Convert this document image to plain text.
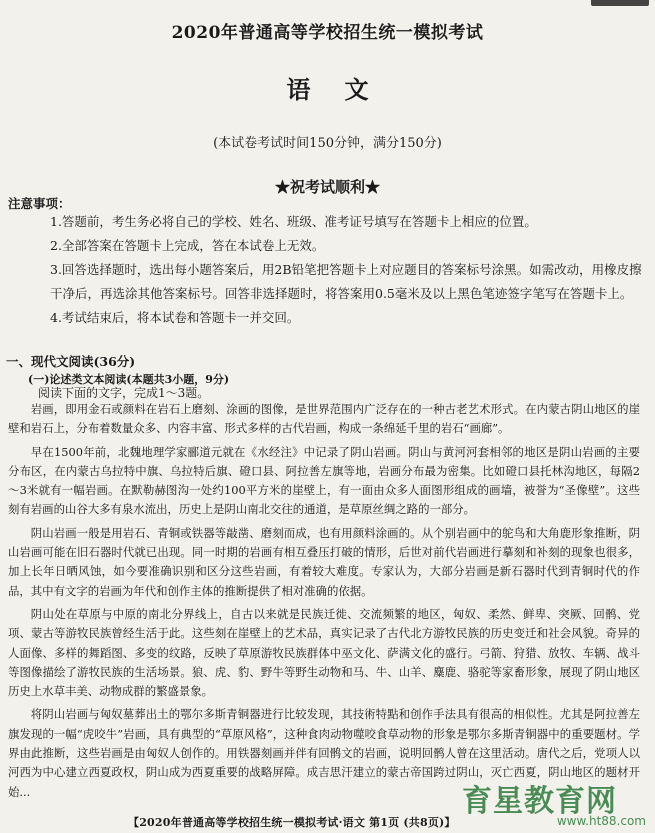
2020年普通高等学校招生统一模拟考试
语文
(本试卷考试时间150分钟，满分150分)
★祝考试顺利★
注意事项：
1.答题前，考生务必将自己的学校、姓名、班级、准考证号填写在答题卡上相应的位置。
2.全部答案在答题卡上完成，答在本试卷上无效。
3.回答选择题时，选出每小题答案后，用2B铅笔把答题卡上对应题目的答案标号涂黑。如需改动，用橡皮擦干净后，再选涂其他答案标号。回答非选择题时，将答案用0.5毫米及以上黑色笔迹签字笔写在答题卡上。
4.考试结束后，将本试卷和答题卡一并交回。
一、现代文阅读(36分)
(一)论述类文本阅读(本题共3小题，9分)
阅读下面的文字，完成1～3题。

岩画，即用金石或颜料在岩石上磨刻、涂画的图像，是世界范围内广泛存在的一种古老艺术形式。在内蒙古阴山地区的崖壁和岩石上，分布着数量众多、内容丰富、形式多样的古代岩画，构成一条绵延千里的岩石“画廊”。

早在1500年前，北魏地理学家郦道元就在《水经注》中记录了阴山岩画。阴山与黄河河套相邻的地区是阴山岩画的主要分布区，在内蒙古乌拉特中旗、乌拉特后旗、磴口县、阿拉善左旗等地，岩画分布最为密集。比如磴口县托林沟地区，每隔2～3米就有一幅岩画。在默勒赫图沟一处约100平方米的崖壁上，有一面由众多人面图形组成的画墙，被誉为“圣像壁”。这些刻有岩画的山谷大多有泉水流出，历史上是阴山南北交往的通道，是草原丝绸之路的一部分。

阴山岩画一般是用岩石、青铜或铁器等敲凿、磨刻而成，也有用颜料涂画的。从个别岩画中的鸵鸟和大角鹿形象推断，阴山岩画可能在旧石器时代就已出现。同一时期的岩画有相互叠压打破的情形，后世对前代岩画进行摹刻和补刻的现象也很多，加上长年日晒风蚀，如今要准确识别和区分这些岩画，有着较大难度。专家认为，大部分岩画是新石器时代到青铜时代的作品，其中有文字的岩画为年代和创作主体的推断提供了相对准确的依据。

阴山处在草原与中原的南北分界线上，自古以来就是民族迁徙、交流频繁的地区，匈奴、柔然、鲜卑、突厥、回鹘、党项、蒙古等游牧民族曾经生活于此。这些刻在崖壁上的艺术品，真实记录了古代北方游牧民族的历史变迁和社会风貌。奇异的人面像、多样的舞蹈图、多变的纹路，反映了草原游牧民族群体中巫文化、萨满文化的盛行。弓箭、狩猎、放牧、车辆、战斗等图像描绘了游牧民族的生活场景。狼、虎、豹、野牛等野生动物和马、牛、山羊、麋鹿、骆驼等家畜形象，展现了阴山地区历史上水草丰美、动物成群的繁盛景象。

将阴山岩画与匈奴墓葬出土的鄂尔多斯青铜器进行比较发现，其技術特點和创作手法具有很高的相似性。尤其是阿拉善左旗发现的一幅“虎咬牛”岩画，具有典型的“草原风格”，这种食肉动物噬咬食草动物的形象是鄂尔多斯青铜器中的重要题材。学界由此推断，这些岩画是由匈奴人创作的。用铁器刻画并伴有回鹘文的岩画，说明回鹘人曾在这里活动。唐代之后，党项人以河西为中心建立西夏政权，阴山成为西夏重要的战略屏障。成吉思汗建立的蒙古帝国跨过阴山，灭亡西夏，阴山地区的题材开始...

【2020年普通高等学校招生统一模拟考试·语文 第1页 (共8页)】
育星教育网
www.ht88.com
